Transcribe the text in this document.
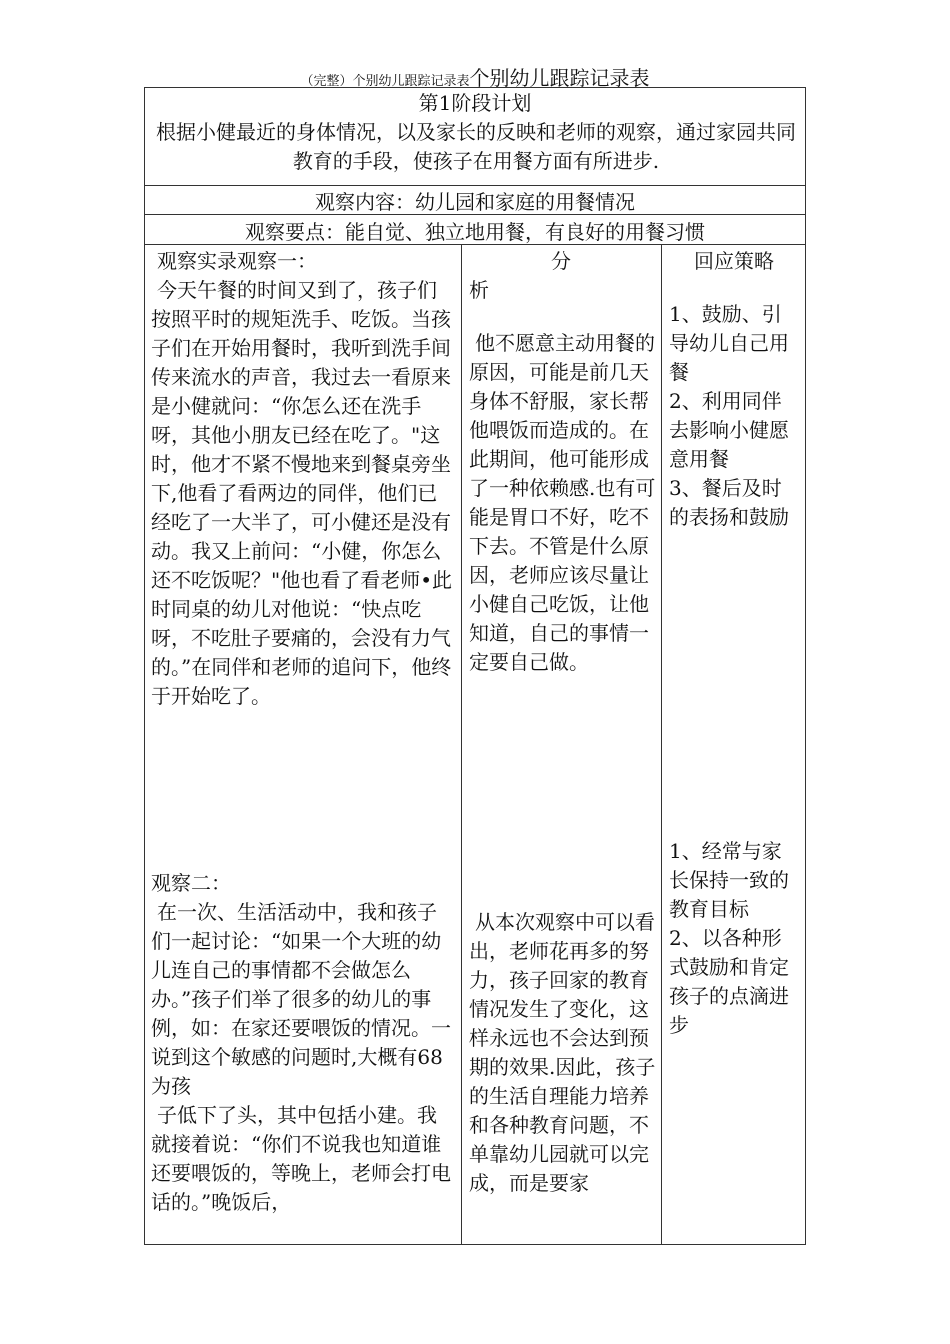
（完整）个别幼儿跟踪记录表个别幼儿跟踪记录表
第1阶段计划
根据小健最近的身体情况，以及家长的反映和老师的观察，通过家园共同教育的手段，使孩子在用餐方面有所进步.
观察内容：幼儿园和家庭的用餐情况
观察要点：能自觉、独立地用餐，有良好的用餐习惯
观察实录观察一：	分	回应策略
析
今天午餐的时间又到了，孩子们按照平时的规矩洗手、吃饭。当孩子们在开始用餐时，我听到洗手间传来流水的声音，我过去一看原来是小健就问：“你怎么还在洗手呀，其他小朋友已经在吃了。"这时，他才不紧不慢地来到餐桌旁坐下,他看了看两边的同伴，他们已经吃了一大半了，可小健还是没有动。我又上前问：“小健，你怎么还不吃饭呢？"他也看了看老师•此时同桌的幼儿对他说：“快点吃呀，不吃肚子要痛的，会没有力气的。”在同伴和老师的追问下，他终于开始吃了。
他不愿意主动用餐的原因，可能是前几天身体不舒服，家长帮他喂饭而造成的。在此期间，他可能形成了一种依赖感.也有可能是胃口不好，吃不下去。不管是什么原因，老师应该尽量让小健自己吃饭，让他知道，自己的事情一定要自己做。
1、鼓励、引导幼儿自己用餐
2、利用同伴去影响小健愿意用餐
3、餐后及时的表扬和鼓励
观察二：
在一次、生活活动中，我和孩子们一起讨论：“如果一个大班的幼儿连自己的事情都不会做怎么办。”孩子们举了很多的幼儿的事例，如：在家还要喂饭的情况。一说到这个敏感的问题时,大概有68为孩
子低下了头，其中包括小建。我就接着说：“你们不说我也知道谁还要喂饭的，等晚上，老师会打电话的。”晚饭后，
从本次观察中可以看出，老师花再多的努力，孩子回家的教育情况发生了变化，这样永远也不会达到预期的效果.因此，孩子的生活自理能力培养和各种教育问题，不单靠幼儿园就可以完成，而是要家
1、经常与家长保持一致的教育目标
2、以各种形式鼓励和肯定孩子的点滴进步
